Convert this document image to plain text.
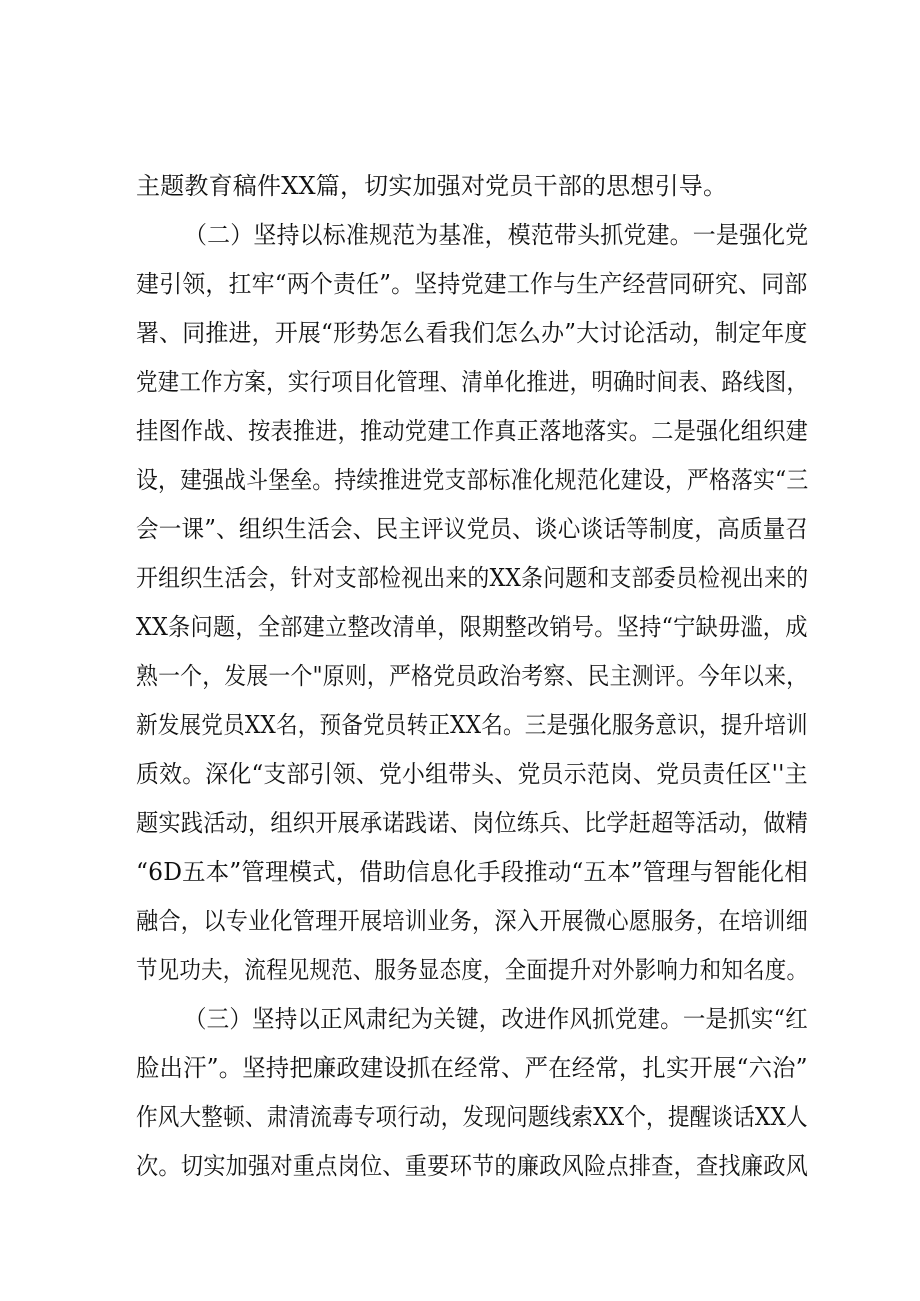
主题教育稿件XX篇，切实加强对党员干部的思想引导。
（二）坚持以标准规范为基准，模范带头抓党建。一是强化党
建引领，扛牢“两个责任”。坚持党建工作与生产经营同研究、同部
署、同推进，开展“形势怎么看我们怎么办”大讨论活动，制定年度
党建工作方案，实行项目化管理、清单化推进，明确时间表、路线图，
挂图作战、按表推进，推动党建工作真正落地落实。二是强化组织建
设，建强战斗堡垒。持续推进党支部标准化规范化建设，严格落实“三
会一课”、组织生活会、民主评议党员、谈心谈话等制度，高质量召
开组织生活会，针对支部检视出来的XX条问题和支部委员检视出来的
XX条问题，全部建立整改清单，限期整改销号。坚持“宁缺毋滥，成
熟一个，发展一个"原则，严格党员政治考察、民主测评。今年以来，
新发展党员XX名，预备党员转正XX名。三是强化服务意识，提升培训
质效。深化“支部引领、党小组带头、党员示范岗、党员责任区''主
题实践活动，组织开展承诺践诺、岗位练兵、比学赶超等活动，做精
“6D五本”管理模式，借助信息化手段推动“五本”管理与智能化相
融合，以专业化管理开展培训业务，深入开展微心愿服务，在培训细
节见功夫，流程见规范、服务显态度，全面提升对外影响力和知名度。
（三）坚持以正风肃纪为关键，改进作风抓党建。一是抓实“红
脸出汗”。坚持把廉政建设抓在经常、严在经常，扎实开展“六治”
作风大整顿、肃清流毒专项行动，发现问题线索XX个，提醒谈话XX人
次。切实加强对重点岗位、重要环节的廉政风险点排查，查找廉政风
